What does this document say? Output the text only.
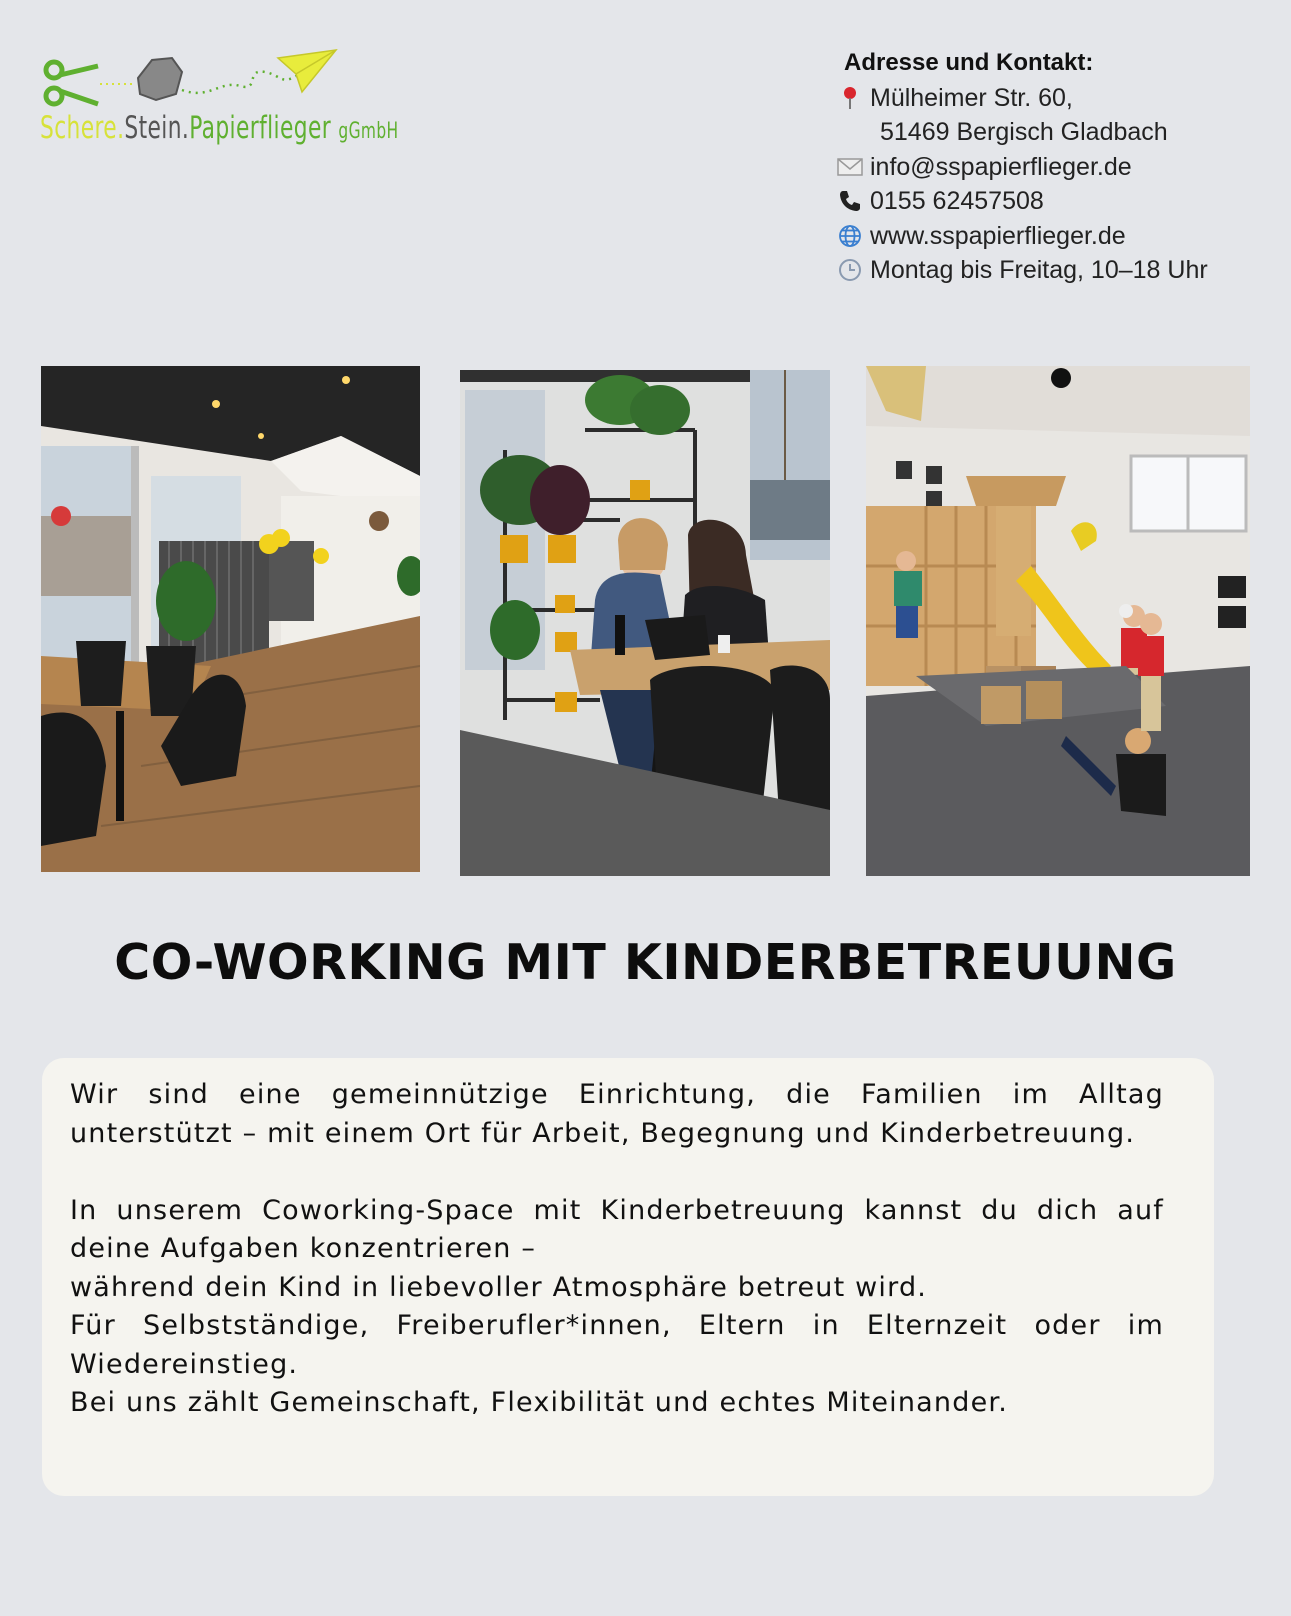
Schere.Stein.Papierflieger gGmbH
Adresse und Kontakt:
Mülheimer Str. 60,
51469 Bergisch Gladbach
info@sspapierflieger.de
0155 62457508
www.sspapierflieger.de
Montag bis Freitag, 10–18 Uhr
CO-WORKING MIT KINDERBETREUUNG

Wir sind eine gemeinnützige Einrichtung, die Familien im Alltag unterstützt – mit einem Ort für Arbeit, Begegnung und Kinderbetreuung.

In unserem Coworking-Space mit Kinderbetreuung kannst du dich auf deine Aufgaben konzentrieren –

während dein Kind in liebevoller Atmosphäre betreut wird.

Für Selbstständige, Freiberufler*innen, Eltern in Elternzeit oder im Wiedereinstieg.

Bei uns zählt Gemeinschaft, Flexibilität und echtes Miteinander.
